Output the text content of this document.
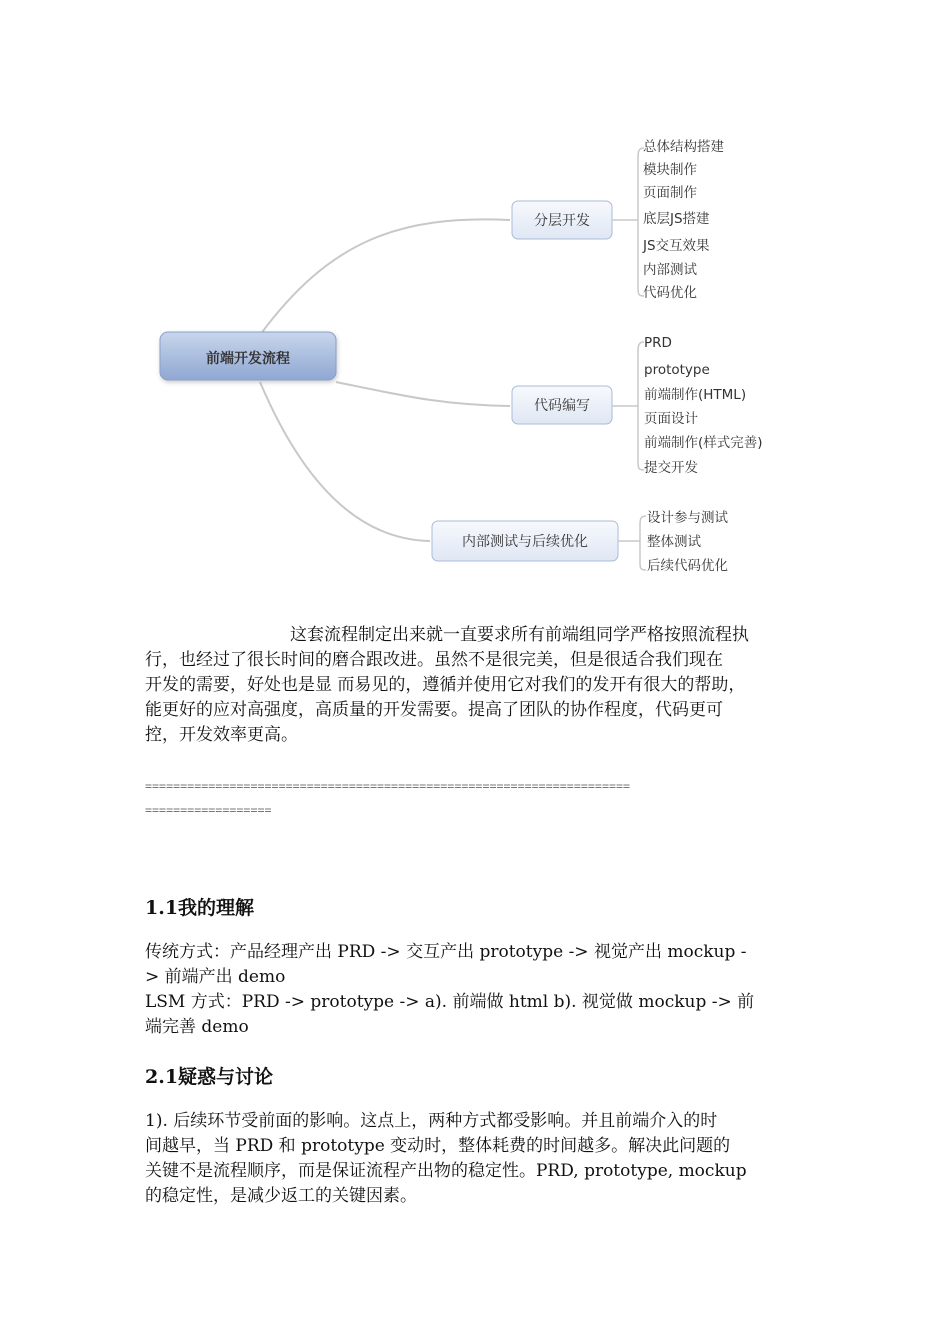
前端开发流程
分层开发
总体结构搭建
模块制作
页面制作
底层JS搭建
JS交互效果
内部测试
代码优化
代码编写
PRD
prototype
前端制作(HTML)
页面设计
前端制作(样式完善)
提交开发
内部测试与后续优化
设计参与测试
整体测试
后续代码优化
这套流程制定出来就一直要求所有前端组同学严格按照流程执
行，也经过了很长时间的磨合跟改进。虽然不是很完美，但是很适合我们现在
开发的需要，好处也是显 而易见的，遵循并使用它对我们的发开有很大的帮助，
能更好的应对高强度，高质量的开发需要。提高了团队的协作程度，代码更可
控，开发效率更高。
=====================================================================
==================
1.1我的理解
传统方式：产品经理产出 PRD -> 交互产出 prototype -> 视觉产出 mockup -
> 前端产出 demo
LSM 方式：PRD -> prototype -> a). 前端做 html b). 视觉做 mockup -> 前
端完善 demo
2.1疑惑与讨论
1). 后续环节受前面的影响。这点上，两种方式都受影响。并且前端介入的时
间越早，当 PRD 和 prototype 变动时，整体耗费的时间越多。解决此问题的
关键不是流程顺序，而是保证流程产出物的稳定性。PRD, prototype, mockup
的稳定性，是减少返工的关键因素。
